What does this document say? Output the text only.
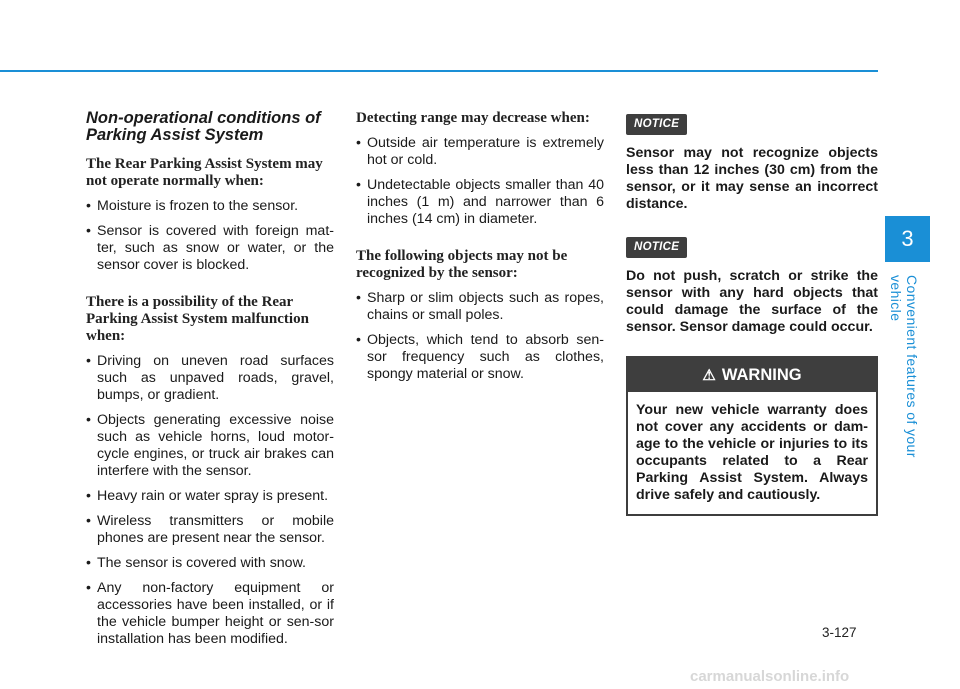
Non-operational conditions of Parking Assist System
The Rear Parking Assist System may not operate normally when:
• Moisture is frozen to the sensor.
• Sensor is covered with foreign mat-ter, such as snow or water, or the sensor cover is blocked.
There is a possibility of the Rear Parking Assist System malfunction when:
• Driving on uneven road surfaces such as unpaved roads, gravel, bumps, or gradient.
• Objects generating excessive noise such as vehicle horns, loud motor-cycle engines, or truck air brakes can interfere with the sensor.
• Heavy rain or water spray is present.
• Wireless transmitters or mobile phones are present near the sensor.
• The sensor is covered with snow.
• Any non-factory equipment or accessories have been installed, or if the vehicle bumper height or sen-sor installation has been modified.
Detecting range may decrease when:
• Outside air temperature is extremely hot or cold.
• Undetectable objects smaller than 40 inches (1 m) and narrower than 6 inches (14 cm) in diameter.
The following objects may not be recognized by the sensor:
• Sharp or slim objects such as ropes, chains or small poles.
• Objects, which tend to absorb sen-sor frequency such as clothes, spongy material or snow.
NOTICE
Sensor may not recognize objects less than 12 inches (30 cm) from the sensor, or it may sense an incorrect distance.
NOTICE
Do not push, scratch or strike the sensor with any hard objects that could damage the surface of the sensor. Sensor damage could occur.
⚠ WARNING
Your new vehicle warranty does not cover any accidents or dam-age to the vehicle or injuries to its occupants related to a Rear Parking Assist System. Always drive safely and cautiously.
3
Convenient features of your vehicle
3-127
carmanualsonline.info
